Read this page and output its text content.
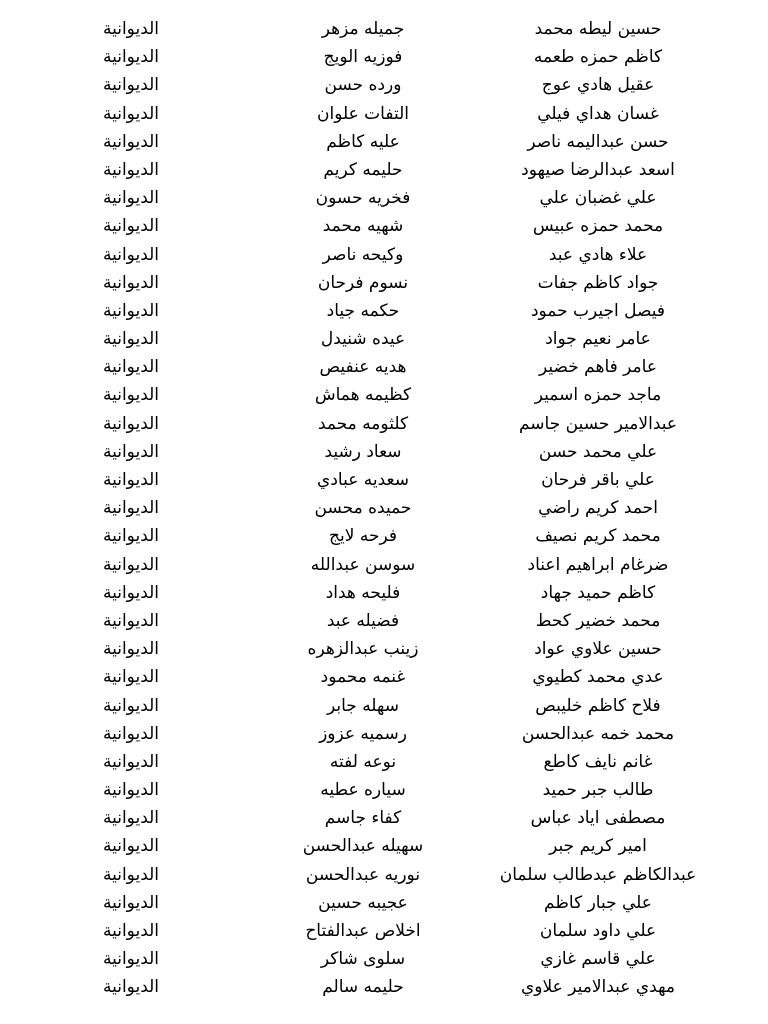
حسين ليطه محمد
جميله مزهر
الديوانية
كاظم حمزه طعمه
فوزيه الويج
الديوانية
عقيل هادي عوج
ورده حسن
الديوانية
غسان هداي فيلي
التفات علوان
الديوانية
حسن عبداليمه ناصر
عليه كاظم
الديوانية
اسعد عبدالرضا صيهود
حليمه كريم
الديوانية
علي غضبان علي
فخريه حسون
الديوانية
محمد حمزه عبيس
شهيه محمد
الديوانية
علاء هادي عبد
وكيحه ناصر
الديوانية
جواد كاظم جفات
نسوم فرحان
الديوانية
فيصل اجيرب حمود
حكمه جياد
الديوانية
عامر نعيم جواد
عيده شنيدل
الديوانية
عامر فاهم خضير
هديه عنفيص
الديوانية
ماجد حمزه اسمير
كظيمه هماش
الديوانية
عبدالامير حسين جاسم
كلثومه محمد
الديوانية
علي محمد حسن
سعاد رشيد
الديوانية
علي باقر فرحان
سعديه عبادي
الديوانية
احمد كريم راضي
حميده محسن
الديوانية
محمد كريم نصيف
فرحه لايج
الديوانية
ضرغام ابراهيم اعناد
سوسن عبدالله
الديوانية
كاظم حميد جهاد
فليحه هداد
الديوانية
محمد خضير كحط
فضيله عبد
الديوانية
حسين علاوي عواد
زينب عبدالزهره
الديوانية
عدي محمد كطيوي
غنمه محمود
الديوانية
فلاح كاظم خليبص
سهله جابر
الديوانية
محمد خمه عبدالحسن
رسميه عزوز
الديوانية
غانم نايف كاطع
نوعه لفته
الديوانية
طالب جبر حميد
سياره عطيه
الديوانية
مصطفى اياد عباس
كفاء جاسم
الديوانية
امير كريم جبر
سهيله عبدالحسن
الديوانية
عبدالكاظم عبدطالب سلمان
نوريه عبدالحسن
الديوانية
علي جبار كاظم
عجيبه حسين
الديوانية
علي داود سلمان
اخلاص عبدالفتاح
الديوانية
علي قاسم غازي
سلوى شاكر
الديوانية
مهدي عبدالامير علاوي
حليمه سالم
الديوانية
